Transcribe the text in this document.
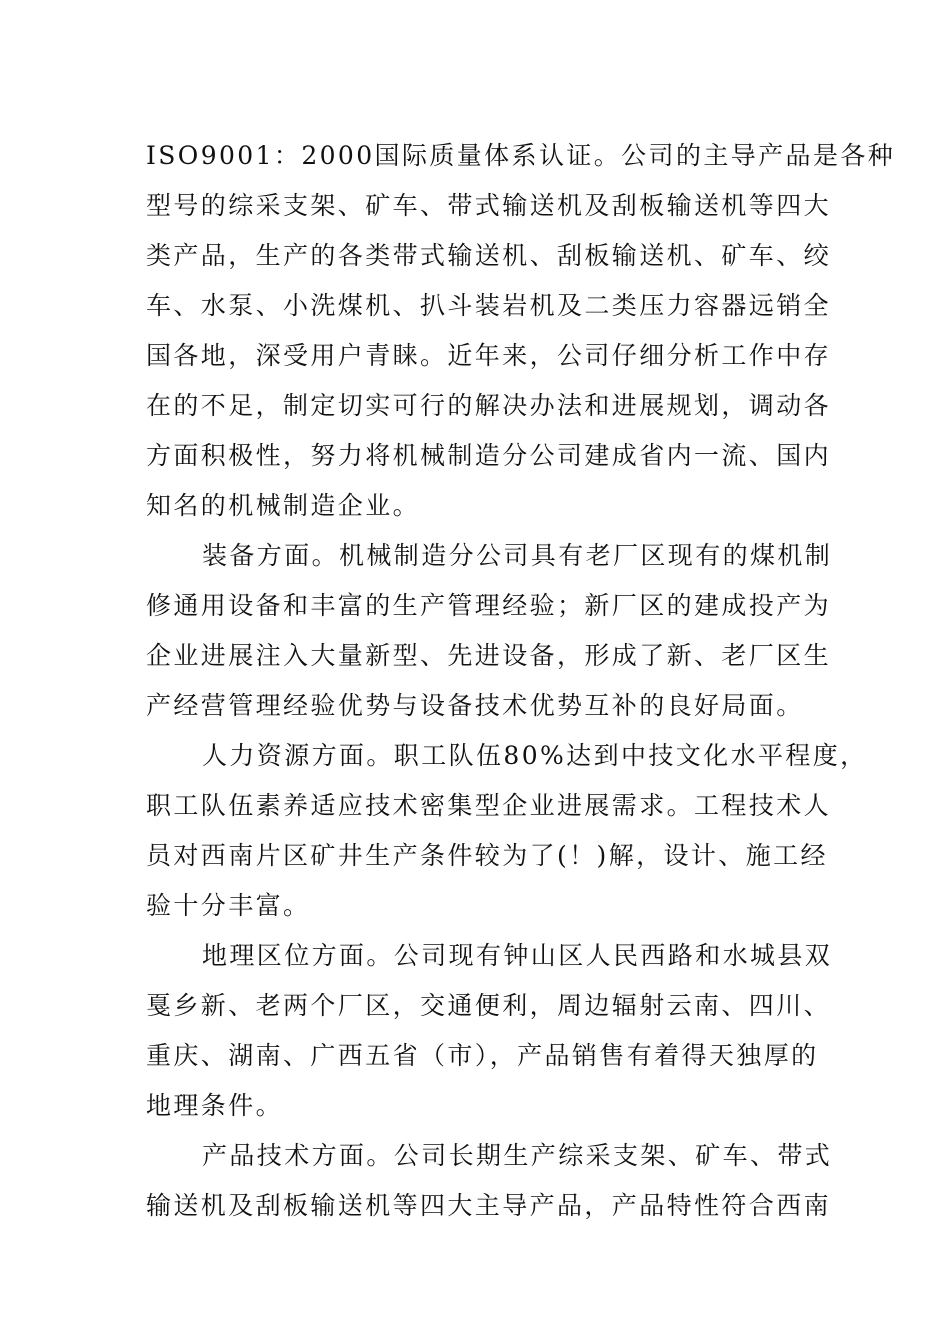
ISO9001：2000国际质量体系认证。公司的主导产品是各种
型号的综采支架、矿车、带式输送机及刮板输送机等四大
类产品，生产的各类带式输送机、刮板输送机、矿车、绞
车、水泵、小洗煤机、扒斗装岩机及二类压力容器远销全
国各地，深受用户青睐。近年来，公司仔细分析工作中存
在的不足，制定切实可行的解决办法和进展规划，调动各
方面积极性，努力将机械制造分公司建成省内一流、国内
知名的机械制造企业。
装备方面。机械制造分公司具有老厂区现有的煤机制
修通用设备和丰富的生产管理经验；新厂区的建成投产为
企业进展注入大量新型、先进设备，形成了新、老厂区生
产经营管理经验优势与设备技术优势互补的良好局面。
人力资源方面。职工队伍80%达到中技文化水平程度，
职工队伍素养适应技术密集型企业进展需求。工程技术人
员对西南片区矿井生产条件较为了(！)解，设计、施工经
验十分丰富。
地理区位方面。公司现有钟山区人民西路和水城县双
戛乡新、老两个厂区，交通便利，周边辐射云南、四川、
重庆、湖南、广西五省（市），产品销售有着得天独厚的
地理条件。
产品技术方面。公司长期生产综采支架、矿车、带式
输送机及刮板输送机等四大主导产品，产品特性符合西南
